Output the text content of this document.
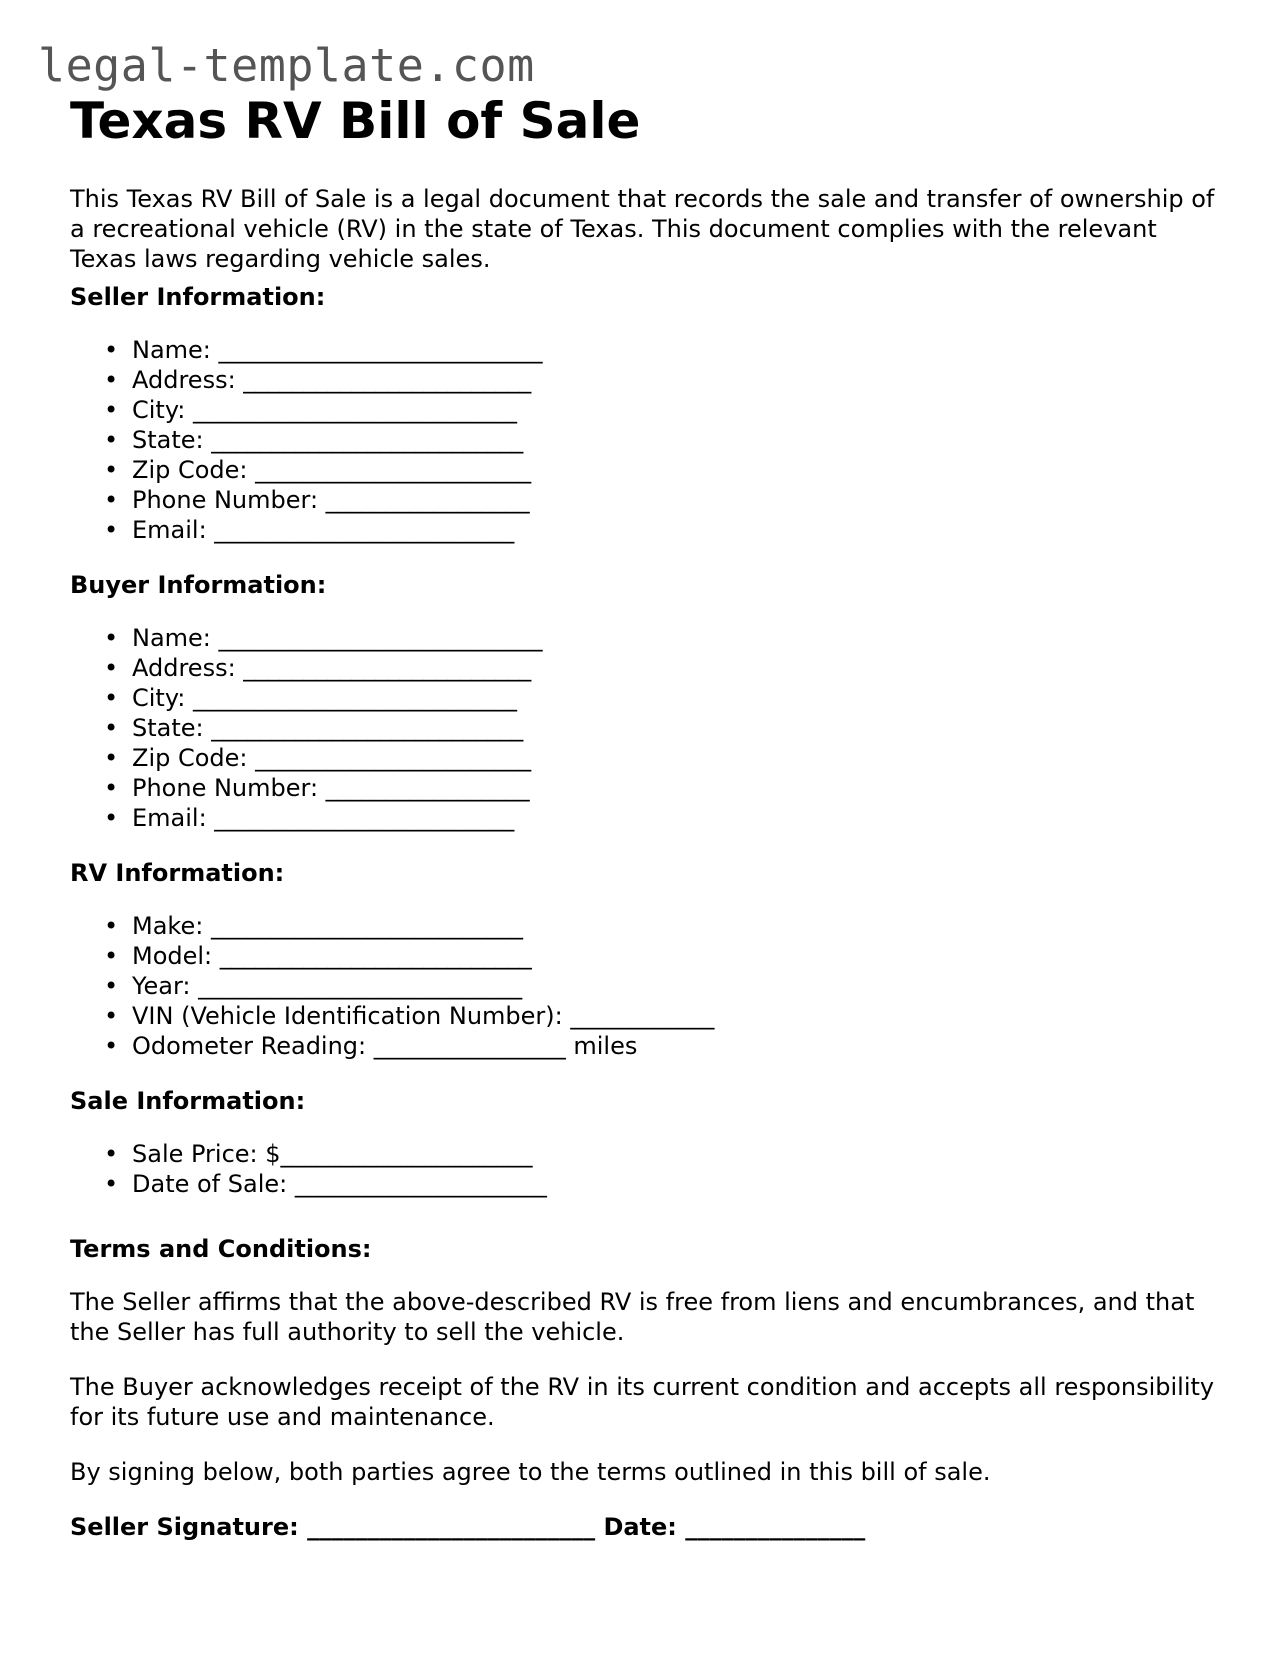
legal-template.com
Texas RV Bill of Sale

This Texas RV Bill of Sale is a legal document that records the sale and transfer of ownership of a recreational vehicle (RV) in the state of Texas. This document complies with the relevant Texas laws regarding vehicle sales.

Seller Information:

• Name: ___________________________
• Address: ________________________
• City: ___________________________
• State: __________________________
• Zip Code: _______________________
• Phone Number: _________________
• Email: _________________________

Buyer Information:

• Name: ___________________________
• Address: ________________________
• City: ___________________________
• State: __________________________
• Zip Code: _______________________
• Phone Number: _________________
• Email: _________________________

RV Information:

• Make: __________________________
• Model: __________________________
• Year: ___________________________
• VIN (Vehicle Identification Number): ____________
• Odometer Reading: ________________ miles

Sale Information:

• Sale Price: $_____________________
• Date of Sale: _____________________

Terms and Conditions:

The Seller affirms that the above-described RV is free from liens and encumbrances, and that the Seller has full authority to sell the vehicle.

The Buyer acknowledges receipt of the RV in its current condition and accepts all responsibility for its future use and maintenance.

By signing below, both parties agree to the terms outlined in this bill of sale.

Seller Signature: ________________________ Date: _______________
